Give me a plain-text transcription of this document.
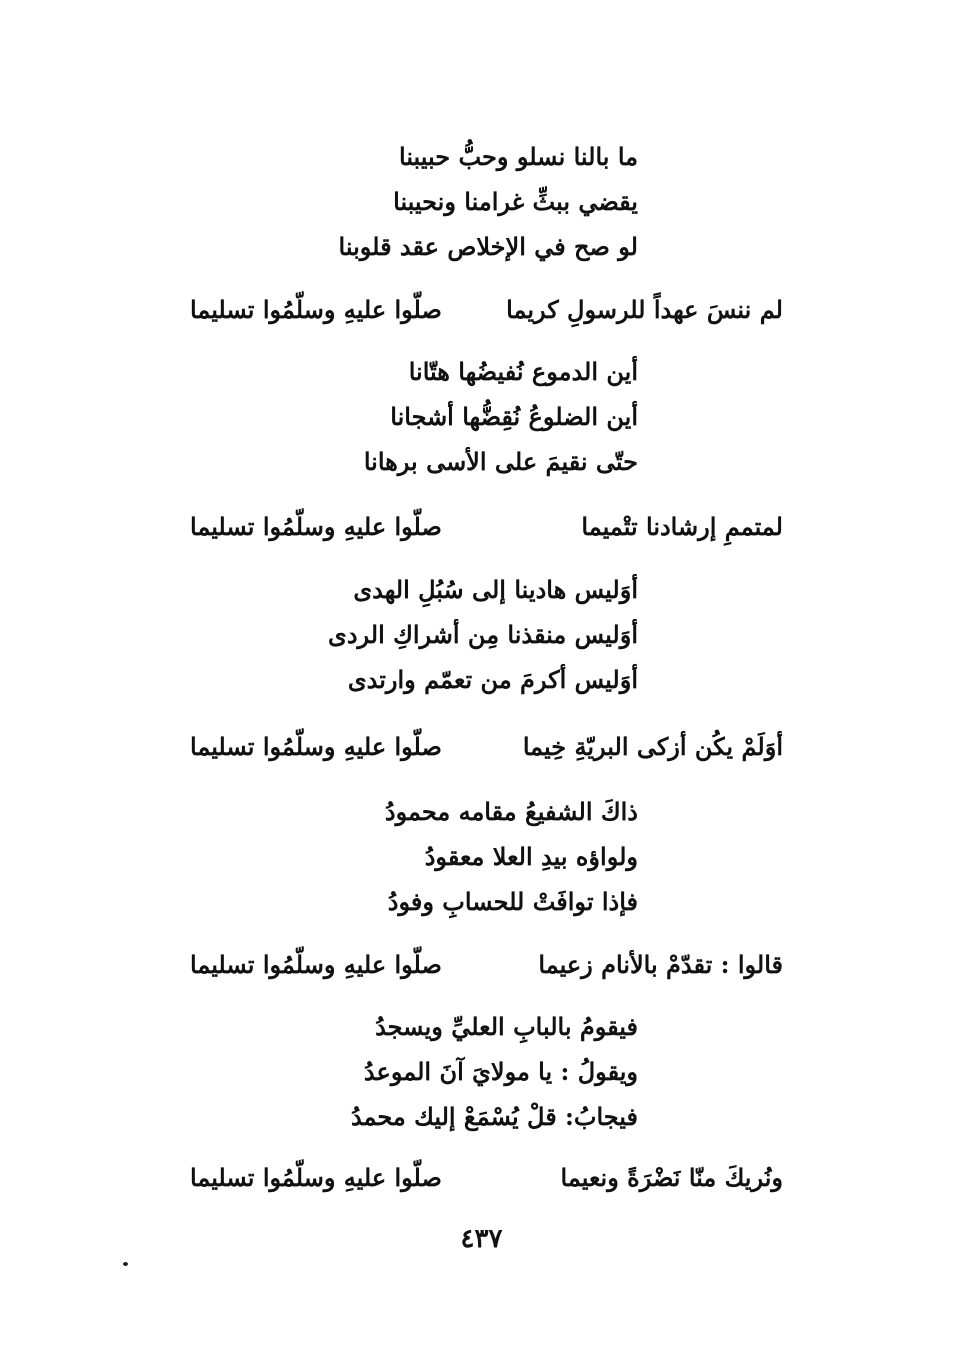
ما بالنا نسلو وحبُّ حبيبنا
يقضي ببثِّ غرامنا ونحيبنا
لو صح في الإخلاص عقد قلوبنا
لم ننسَ عهداً للرسولِ كريما
صلّوا عليهِ وسلّمُوا تسليما
أين الدموع نُفيضُها هتّانا
أين الضلوعُ نُقِضُّها أشجانا
حتّى نقيمَ على الأسى برهانا
لمتممِ إرشادنا تتْميما
صلّوا عليهِ وسلّمُوا تسليما
أوَليس هادينا إلى سُبُلِ الهدى
أوَليس منقذنا مِن أشراكِ الردى
أوَليس أكرمَ من تعمّم وارتدى
أوَلَمْ يكُن أزكى البريّةِ خِيما
صلّوا عليهِ وسلّمُوا تسليما
ذاكَ الشفيعُ مقامه محمودُ
ولواؤه بيدِ العلا معقودُ
فإذا توافَتْ للحسابِ وفودُ
قالوا : تقدّمْ بالأنام زعيما
صلّوا عليهِ وسلّمُوا تسليما
فيقومُ بالبابِ العليِّ ويسجدُ
ويقولُ : يا مولايَ آنَ الموعدُ
فيجابُ: قلْ يُسْمَعْ إليك محمدُ
ونُريكَ منّا نَضْرَةً ونعيما
صلّوا عليهِ وسلّمُوا تسليما
٤٣٧
